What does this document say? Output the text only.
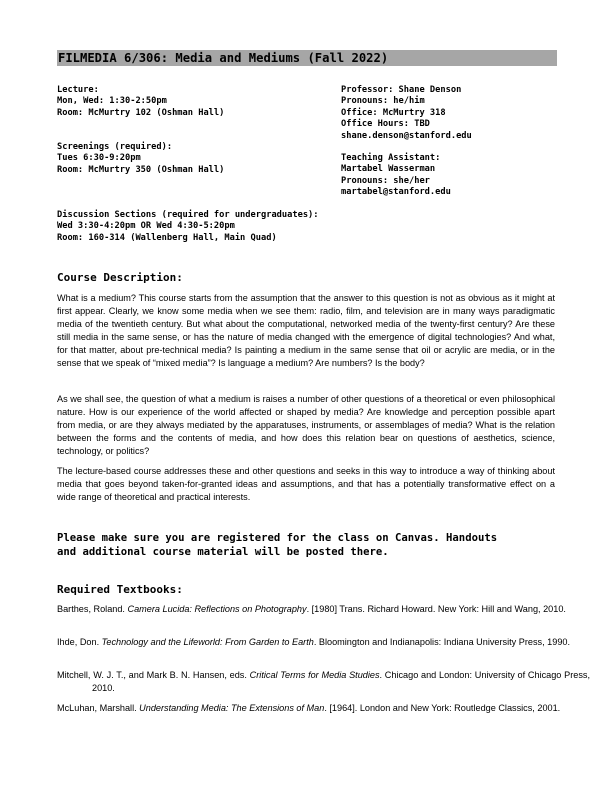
FILMEDIA 6/306: Media and Mediums (Fall 2022)
Lecture:
Mon, Wed: 1:30-2:50pm
Room: McMurtry 102 (Oshman Hall)
Screenings (required):
Tues 6:30-9:20pm
Room: McMurtry 350 (Oshman Hall)
Professor: Shane Denson
Pronouns: he/him
Office: McMurtry 318
Office Hours: TBD
shane.denson@stanford.edu
Teaching Assistant:
Martabel Wasserman
Pronouns: she/her
martabel@stanford.edu
Discussion Sections (required for undergraduates):
Wed 3:30-4:20pm OR Wed 4:30-5:20pm
Room: 160-314 (Wallenberg Hall, Main Quad)
Course Description:

What is a medium? This course starts from the assumption that the answer to this question is not as obvious as it might at first appear. Clearly, we know some media when we see them: radio, film, and television are in many ways paradigmatic media of the twentieth century. But what about the computational, networked media of the twenty-first century? Are these still media in the same sense, or has the nature of media changed with the emergence of digital technologies? And what, for that matter, about pre-technical media? Is painting a medium in the same sense that oil or acrylic are media, or in the sense that we speak of “mixed media”? Is language a medium? Are numbers? Is the body?

As we shall see, the question of what a medium is raises a number of other questions of a theoretical or even philosophical nature. How is our experience of the world affected or shaped by media? Are knowledge and perception possible apart from media, or are they always mediated by the apparatuses, instruments, or assemblages of media? What is the relation between the forms and the contents of media, and how does this relation bear on questions of aesthetics, science, technology, or politics?

The lecture-based course addresses these and other questions and seeks in this way to introduce a way of thinking about media that goes beyond taken-for-granted ideas and assumptions, and that has a potentially transformative effect on a wide range of theoretical and practical interests.

Please make sure you are registered for the class on Canvas. Handouts
and additional course material will be posted there.
Required Textbooks:

Barthes, Roland. Camera Lucida: Reflections on Photography. [1980] Trans. Richard Howard. New York: Hill and Wang, 2010.

Ihde, Don. Technology and the Lifeworld: From Garden to Earth. Bloomington and Indianapolis: Indiana University Press, 1990.

Mitchell, W. J. T., and Mark B. N. Hansen, eds. Critical Terms for Media Studies. Chicago and London: University of Chicago Press, 2010.

McLuhan, Marshall. Understanding Media: The Extensions of Man. [1964]. London and New York: Routledge Classics, 2001.
